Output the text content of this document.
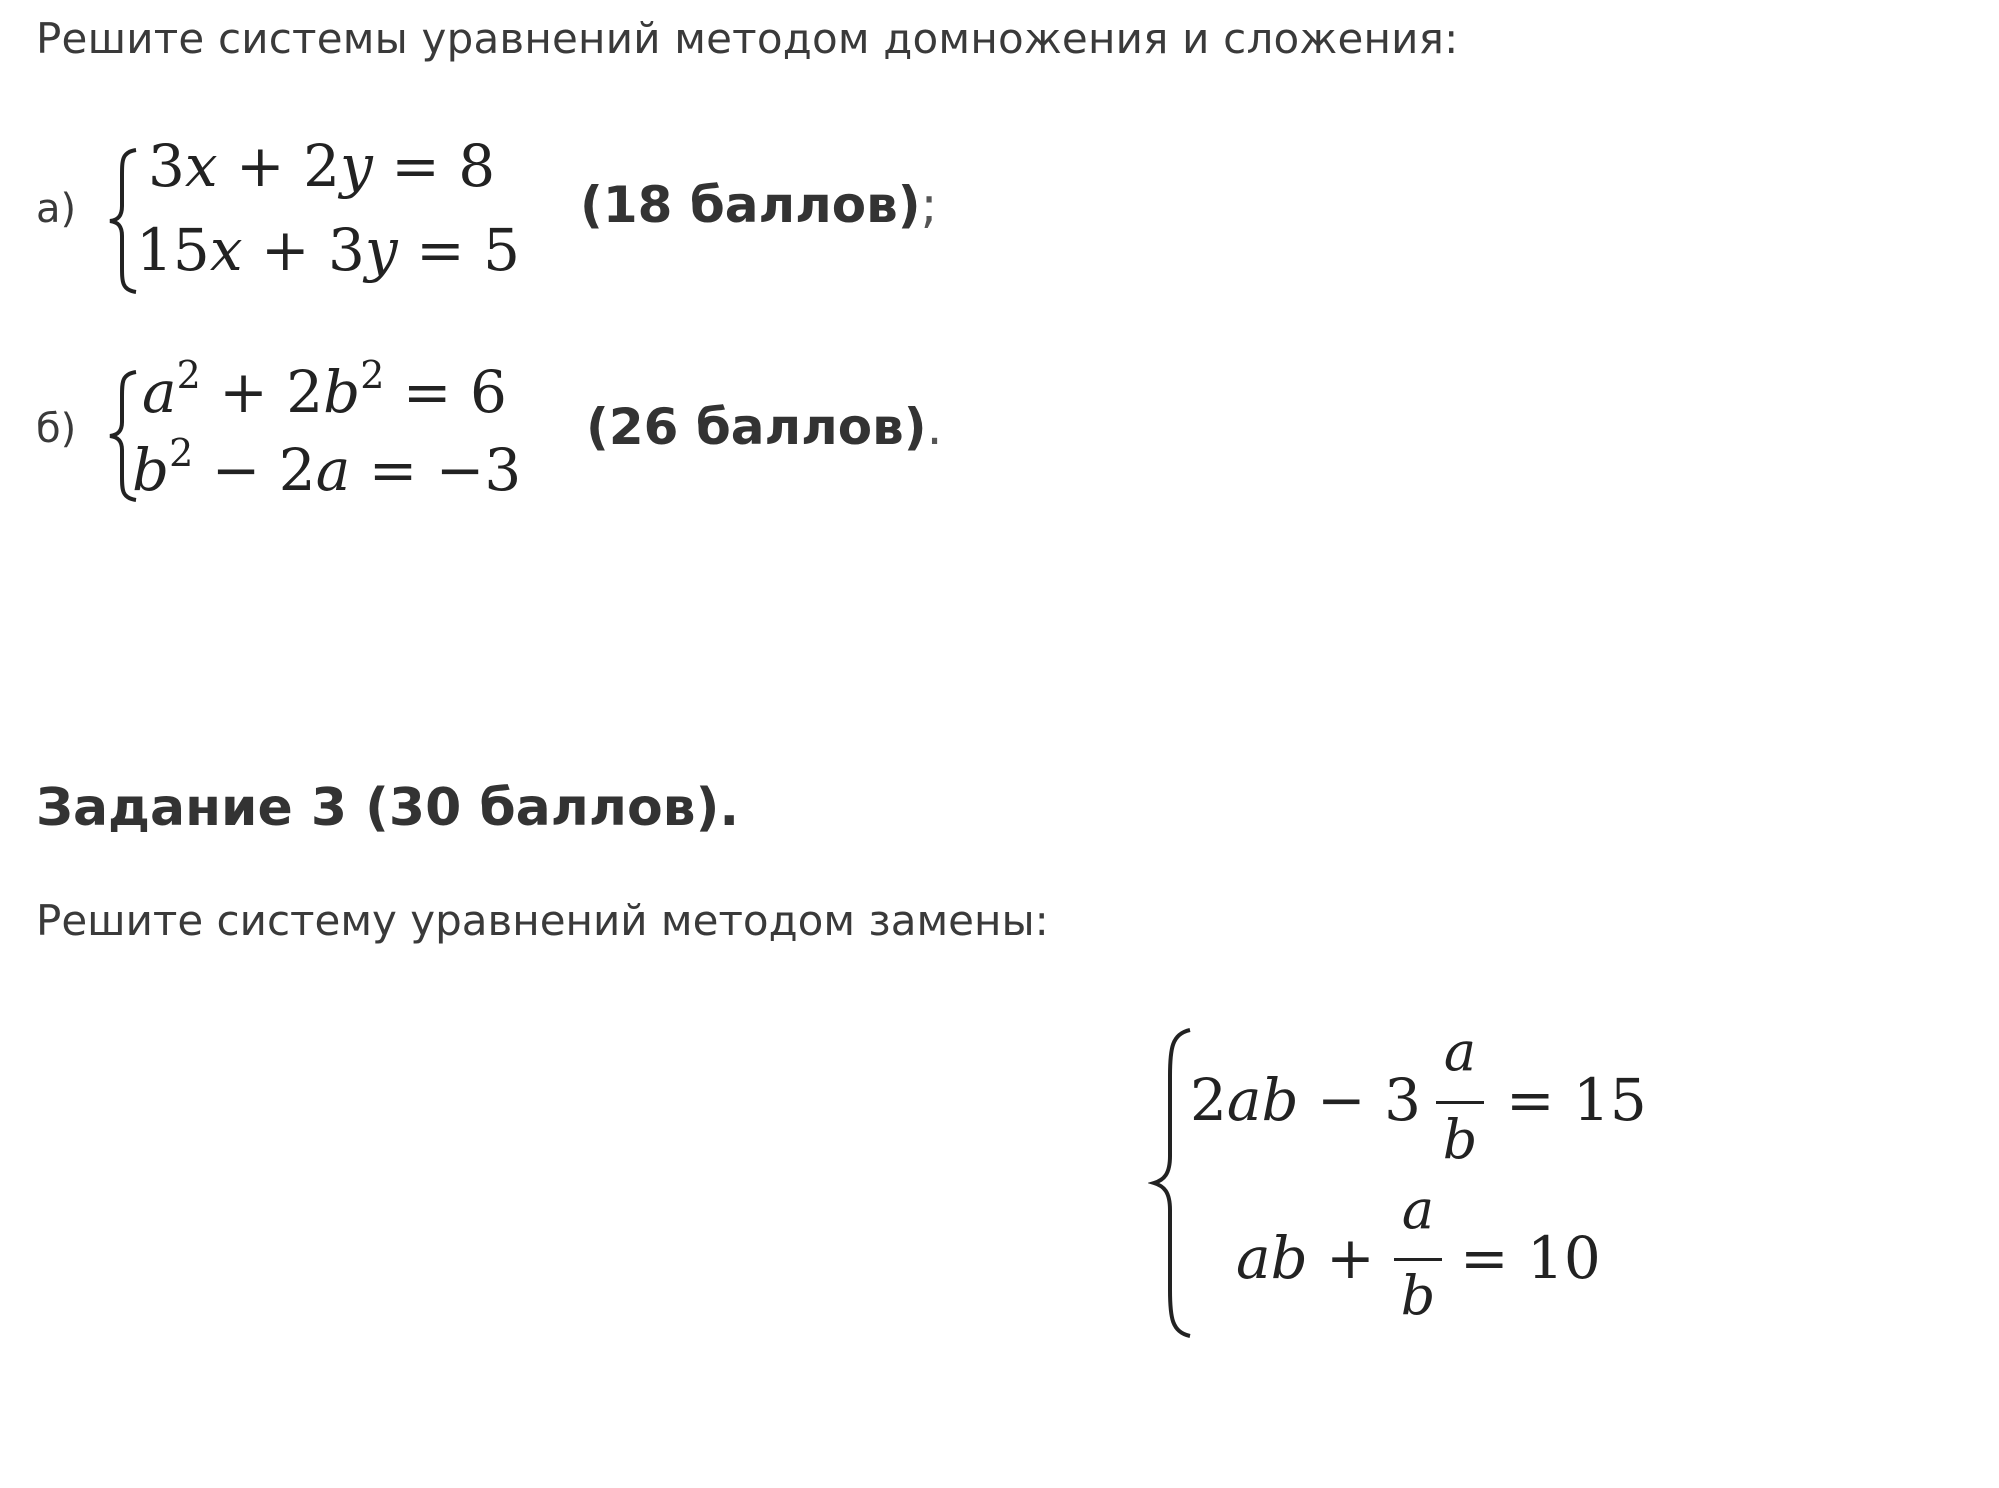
Решите системы уравнений методом домножения и сложения:
а)
3x + 2y = 8
15x + 3y = 5
(18 баллов);
б)
$a^2 + 2b^2 = 6$
$b^2 - 2a = -3$
(26 баллов).
Задание 3 (30 баллов).
Решите систему уравнений методом замены:
2ab − 3
a
b
= 15
ab +
a
b
= 10
